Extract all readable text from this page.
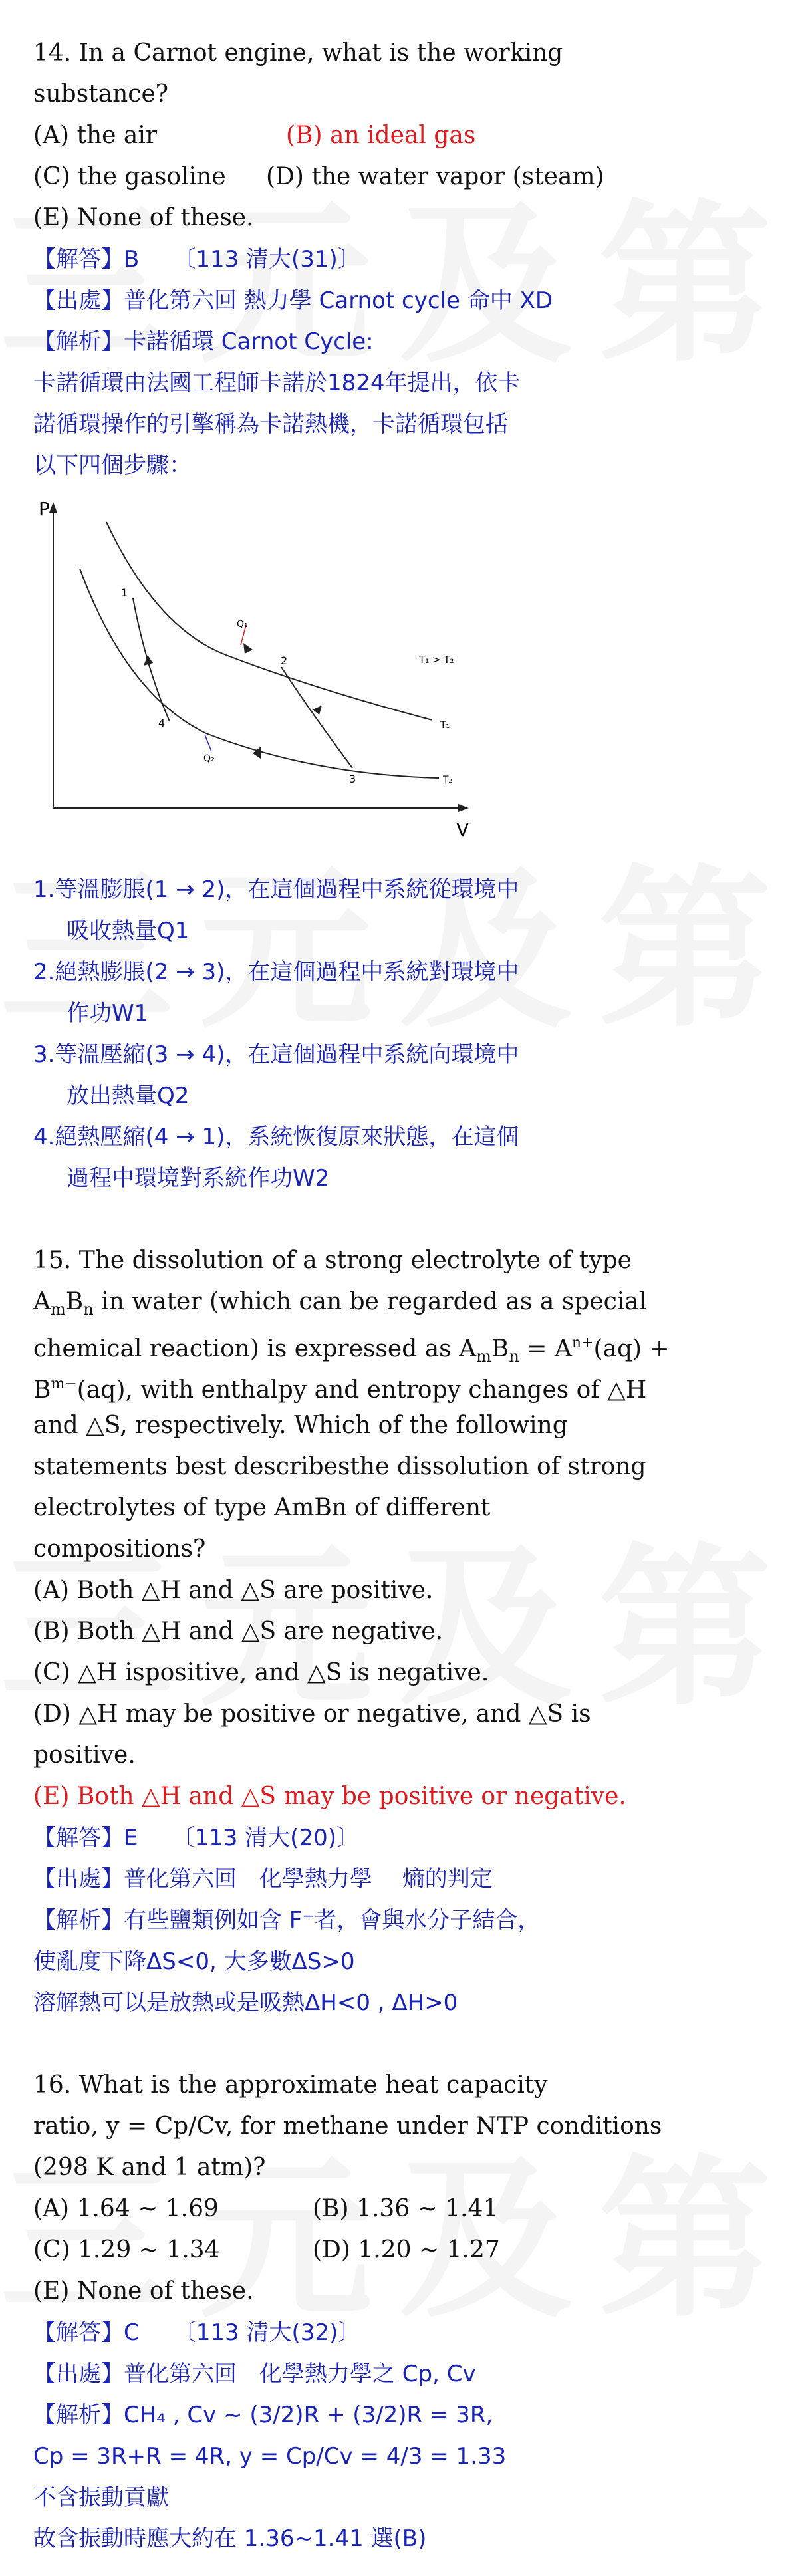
14. In a Carnot engine, what is the working
substance?
(A) the air	(B) an ideal gas
(C) the gasoline (D) the water vapor (steam)
(E) None of these.
【解答】B　　〔113 清大(31)〕
【出處】普化第六回 熱力學 Carnot cycle 命中 XD
【解析】卡諾循環 Carnot Cycle:
卡諾循環由法國工程師卡諾於1824年提出，依卡
諾循環操作的引擎稱為卡諾熱機，卡諾循環包括
以下四個步驟：
P
V
1
2
3
4
Q₁
Q₂
T₁ > T₂
T₁
T₂
1.等溫膨脹(1 → 2)，在這個過程中系統從環境中
吸收熱量Q1
2.絕熱膨脹(2 → 3)，在這個過程中系統對環境中
作功W1
3.等溫壓縮(3 → 4)，在這個過程中系統向環境中
放出熱量Q2
4.絕熱壓縮(4 → 1)，系統恢復原來狀態，在這個
過程中環境對系統作功W2
15. The dissolution of a strong electrolyte of type
$A_mB_n$ in water (which can be regarded as a special
chemical reaction) is expressed as $A_mB_n = A^{n+}(aq)$ +
$B^{m-}(aq)$, with enthalpy and entropy changes of △H
and △S, respectively. Which of the following
statements best describesthe dissolution of strong
electrolytes of type AmBn of different
compositions?
(A) Both △H and △S are positive.
(B) Both △H and △S are negative.
(C) △H ispositive, and △S is negative.
(D) △H may be positive or negative, and △S is
positive.
(E) Both △H and △S may be positive or negative.
【解答】E　　〔113 清大(20)〕
【出處】普化第六回　化學熱力學　 熵的判定
【解析】有些鹽類例如含 F⁻者，會與水分子結合，
使亂度下降ΔS<0, 大多數ΔS>0
溶解熱可以是放熱或是吸熱ΔH<0 , ΔH>0
16. What is the approximate heat capacity
ratio, y = Cp/Cv, for methane under NTP conditions
(298 K and 1 atm)?
(A) 1.64 ~ 1.69	(B) 1.36 ~ 1.41
(C) 1.29 ~ 1.34	(D) 1.20 ~ 1.27
(E) None of these.
【解答】C　　〔113 清大(32)〕
【出處】普化第六回　化學熱力學之 Cp, Cv
【解析】CH₄ , Cv ~ (3/2)R + (3/2)R = 3R,
Cp = 3R+R = 4R, y = Cp/Cv = 4/3 = 1.33
不含振動貢獻
故含振動時應大約在 1.36~1.41 選(B)
